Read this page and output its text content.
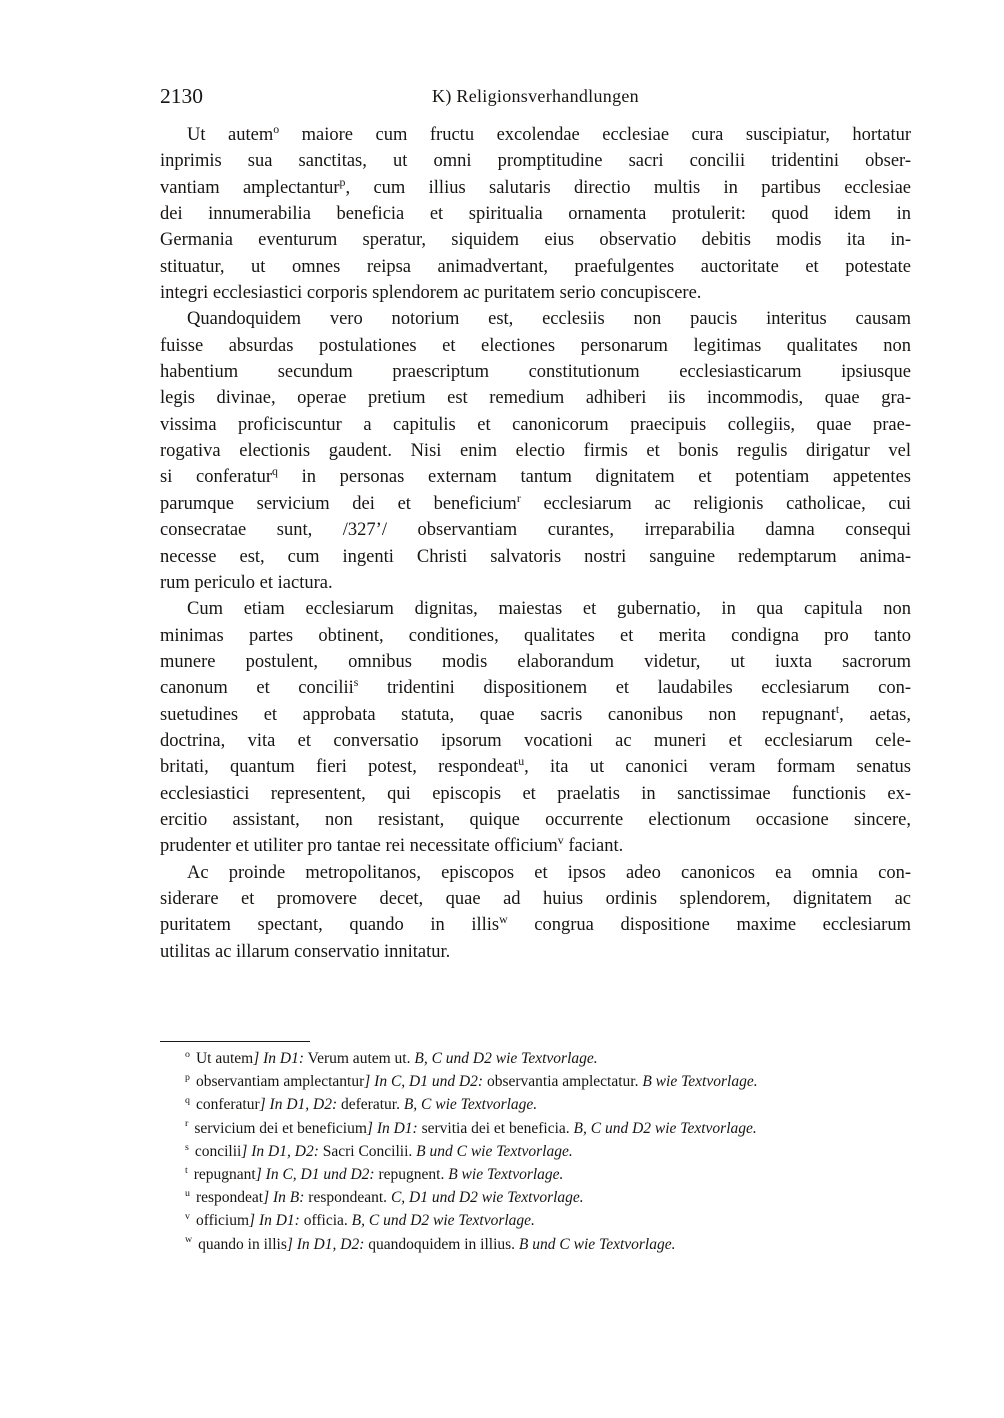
2130	K) Religionsverhandlungen
Ut autem$^o$ maiore cum fructu excolendae ecclesiae cura suscipiatur, hortatur
inprimis sua sanctitas, ut omni promptitudine sacri concilii tridentini obser-
vantiam amplectantur$^p$, cum illius salutaris directio multis in partibus ecclesiae
dei innumerabilia beneficia et spiritualia ornamenta protulerit: quod idem in
Germania eventurum speratur, siquidem eius observatio debitis modis ita in-
stituatur, ut omnes reipsa animadvertant, praefulgentes auctoritate et potestate
integri ecclesiastici corporis splendorem ac puritatem serio concupiscere.
Quandoquidem vero notorium est, ecclesiis non paucis interitus causam
fuisse absurdas postulationes et electiones personarum legitimas qualitates non
habentium secundum praescriptum constitutionum ecclesiasticarum ipsiusque
legis divinae, operae pretium est remedium adhiberi iis incommodis, quae gra-
vissima proficiscuntur a capitulis et canonicorum praecipuis collegiis, quae prae-
rogativa electionis gaudent. Nisi enim electio firmis et bonis regulis dirigatur vel
si conferatur$^q$ in personas externam tantum dignitatem et potentiam appetentes
parumque servicium dei et beneficium$^r$ ecclesiarum ac religionis catholicae, cui
consecratae sunt, /327’/ observantiam curantes, irreparabilia damna consequi
necesse est, cum ingenti Christi salvatoris nostri sanguine redemptarum anima-
rum periculo et iactura.
Cum etiam ecclesiarum dignitas, maiestas et gubernatio, in qua capitula non
minimas partes obtinent, conditiones, qualitates et merita condigna pro tanto
munere postulent, omnibus modis elaborandum videtur, ut iuxta sacrorum
canonum et concilii$^s$ tridentini dispositionem et laudabiles ecclesiarum con-
suetudines et approbata statuta, quae sacris canonibus non repugnant$^t$, aetas,
doctrina, vita et conversatio ipsorum vocationi ac muneri et ecclesiarum cele-
britati, quantum fieri potest, respondeat$^u$, ita ut canonici veram formam senatus
ecclesiastici representent, qui episcopis et praelatis in sanctissimae functionis ex-
ercitio assistant, non resistant, quique occurrente electionum occasione sincere,
prudenter et utiliter pro tantae rei necessitate officium$^v$ faciant.
Ac proinde metropolitanos, episcopos et ipsos adeo canonicos ea omnia con-
siderare et promovere decet, quae ad huius ordinis splendorem, dignitatem ac
puritatem spectant, quando in illis$^w$ congrua dispositione maxime ecclesiarum
utilitas ac illarum conservatio innitatur.
$^o$ Ut autem] In D1: Verum autem ut. B, C und D2 wie Textvorlage.
$^p$ observantiam amplectantur] In C, D1 und D2: observantia amplectatur. B wie Textvorlage.
$^q$ conferatur] In D1, D2: deferatur. B, C wie Textvorlage.
$^r$ servicium dei et beneficium] In D1: servitia dei et beneficia. B, C und D2 wie Textvorlage.
$^s$ concilii] In D1, D2: Sacri Concilii. B und C wie Textvorlage.
$^t$ repugnant] In C, D1 und D2: repugnent. B wie Textvorlage.
$^u$ respondeat] In B: respondeant. C, D1 und D2 wie Textvorlage.
$^v$ officium] In D1: officia. B, C und D2 wie Textvorlage.
$^w$ quando in illis] In D1, D2: quandoquidem in illius. B und C wie Textvorlage.
